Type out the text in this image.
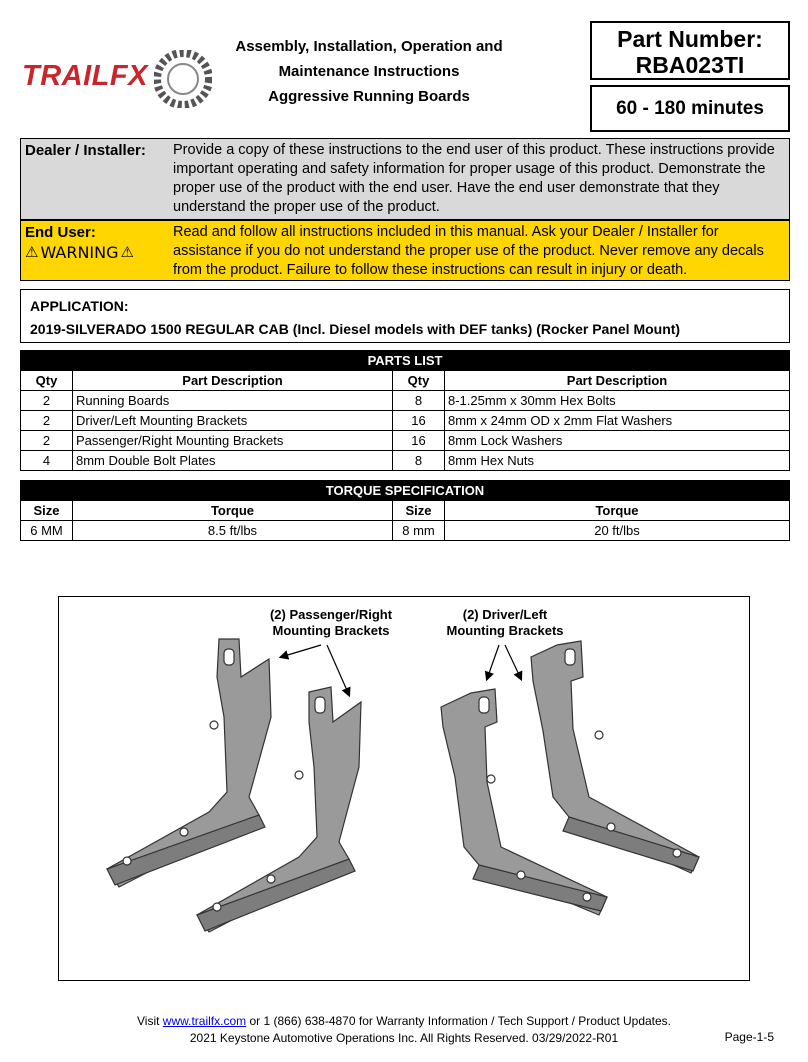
TRAILFX
Assembly, Installation, Operation and
Maintenance Instructions
Aggressive Running Boards
Part Number:
RBA023TI
60 - 180 minutes
Dealer / Installer: Provide a copy of these instructions to the end user of this product. These instructions provide important operating and safety information for proper usage of this product. Demonstrate the proper use of the product with the end user. Have the end user demonstrate that they understand the proper use of the product.
End User:
⚠ WARNING ⚠
Read and follow all instructions included in this manual. Ask your Dealer / Installer for assistance if you do not understand the proper use of the product. Never remove any decals from the product. Failure to follow these instructions can result in injury or death.
APPLICATION:
2019-SILVERADO 1500 REGULAR CAB (Incl. Diesel models with DEF tanks) (Rocker Panel Mount)
PARTS LIST			
Qty	Part Description	Qty	Part Description
2	Running Boards	8	8-1.25mm x 30mm Hex Bolts
2	Driver/Left Mounting Brackets	16	8mm x 24mm OD x 2mm Flat Washers
2	Passenger/Right Mounting Brackets	16	8mm Lock Washers
4	8mm Double Bolt Plates	8	8mm Hex Nuts
TORQUE SPECIFICATION			
Size	Torque	Size	Torque
6 MM	8.5 ft/lbs	8 mm	20 ft/lbs
(2) Passenger/Right
Mounting Brackets
(2) Driver/Left
Mounting Brackets
Visit www.trailfx.com or 1 (866) 638-4870 for Warranty Information / Tech Support / Product Updates.
2021 Keystone Automotive Operations Inc. All Rights Reserved. 03/29/2022-R01	Page-1-5
